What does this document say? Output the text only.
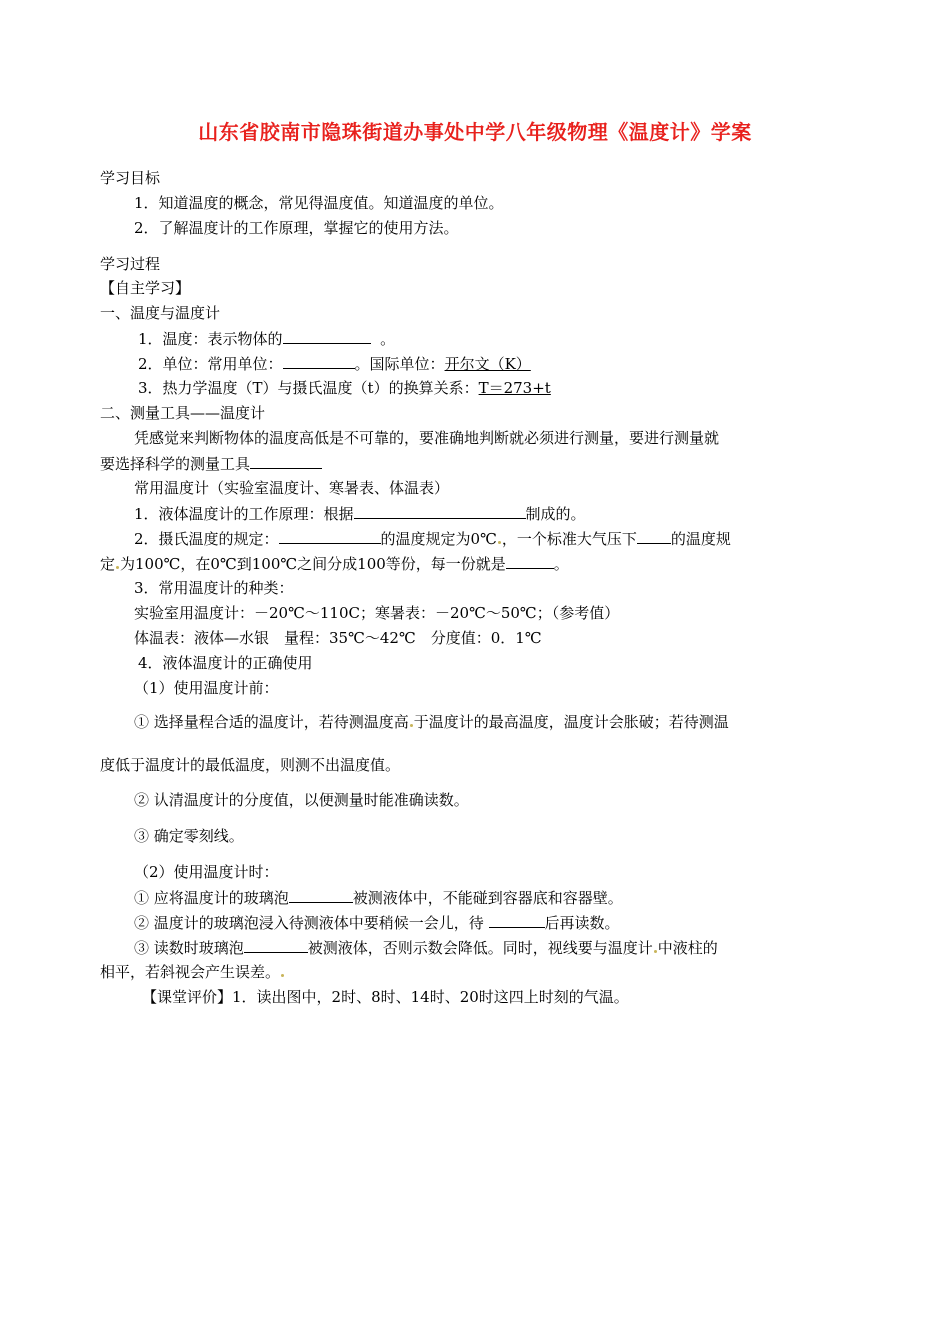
山东省胶南市隐珠街道办事处中学八年级物理《温度计》学案
学习目标
1．知道温度的概念，常见得温度值。知道温度的单位。
2．了解温度计的工作原理，掌握它的使用方法。
学习过程
【自主学习】
一、温度与温度计
1．温度：表示物体的	。
2．单位：常用单位：	。国际单位：开尔文（K）
3．热力学温度（T）与摄氏温度（t）的换算关系：T＝273+t
二、测量工具——温度计
凭感觉来判断物体的温度高低是不可靠的，要准确地判断就必须进行测量，要进行测量就
要选择科学的测量工具
常用温度计（实验室温度计、寒暑表、体温表）
1．液体温度计的工作原理：根据	制成的。
2．摄氏温度的规定：	的温度规定为0℃ ，一个标准大气压下 的温度规
定 为100℃，在0℃到100℃之间分成100等份，每一份就是	。
3．常用温度计的种类：
实验室用温度计：－20℃～110C；寒暑表：－20℃～50℃；（参考值）
体温表：液体—水银　量程：35℃～42℃　分度值：0．1℃
4．液体温度计的正确使用
（1）使用温度计前：
① 选择量程合适的温度计，若待测温度高 于温度计的最高温度，温度计会胀破；若待测温
度低于温度计的最低温度，则测不出温度值。
② 认清温度计的分度值，以便测量时能准确读数。
③ 确定零刻线。
（2）使用温度计时：
① 应将温度计的玻璃泡	被测液体中，不能碰到容器底和容器壁。
② 温度计的玻璃泡浸入待测液体中要稍候一会儿，待	后再读数。
③ 读数时玻璃泡	被测液体，否则示数会降低。同时，视线要与温度计 中液柱的
相平，若斜视会产生误差。
【课堂评价】1．读出图中，2时、8时、14时、20时这四上时刻的气温。
